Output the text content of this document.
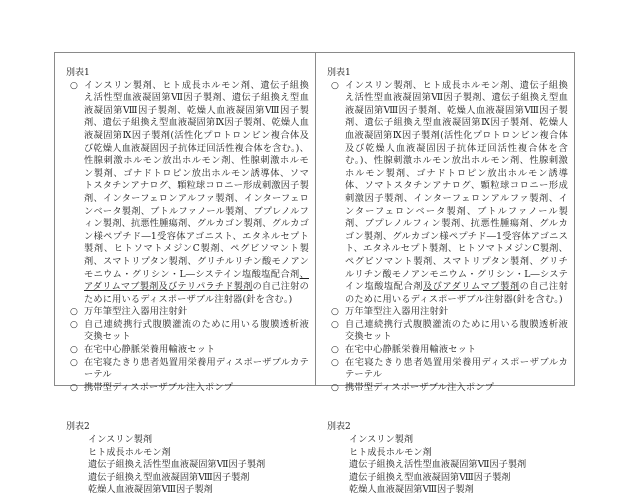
別表1
○ インスリン製剤、ヒト成長ホルモン剤、遺伝子組換え活性型血液凝固第Ⅶ因子製剤、遺伝子組換え型血液凝固第Ⅷ因子製剤、乾燥人血液凝固第Ⅷ因子製剤、遺伝子組換え型血液凝固第Ⅸ因子製剤、乾燥人血液凝固第Ⅸ因子製剤(活性化プロトロンビン複合体及び乾燥人血液凝固因子抗体迂回活性複合体を含む。)、性腺刺激ホルモン放出ホルモン剤、性腺刺激ホルモン製剤、ゴナドトロピン放出ホルモン誘導体、ソマトスタチンアナログ、顆粒球コロニー形成刺激因子製剤、インターフェロンアルファ製剤、インターフェロンベータ製剤、ブトルファノール製剤、ブプレノルフィン製剤、抗悪性腫瘍剤、グルカゴン製剤、グルカゴン様ペプチド―1受容体アゴニスト、エタネルセプト製剤、ヒトソマトメジンC製剤、ペグビソマント製剤、スマトリプタン製剤、グリチルリチン酸モノアンモニウム・グリシン・L―システイン塩酸塩配合剤、アダリムマブ製剤及びテリパラチド製剤の自己注射のために用いるディスポーザブル注射器(針を含む。)
○ 万年筆型注入器用注射針
○ 自己連続携行式腹膜灌流のために用いる腹膜透析液交換セット
○ 在宅中心静脈栄養用輸液セット
○ 在宅寝たきり患者処置用栄養用ディスポーザブルカテーテル
○ 携帯型ディスポーザブル注入ポンプ
別表2
インスリン製剤
ヒト成長ホルモン剤
遺伝子組換え活性型血液凝固第Ⅶ因子製剤
遺伝子組換え型血液凝固第Ⅷ因子製剤
乾燥人血液凝固第Ⅷ因子製剤
別表1
○ インスリン製剤、ヒト成長ホルモン剤、遺伝子組換え活性型血液凝固第Ⅶ因子製剤、遺伝子組換え型血液凝固第Ⅷ因子製剤、乾燥人血液凝固第Ⅷ因子製剤、遺伝子組換え型血液凝固第Ⅸ因子製剤、乾燥人血液凝固第Ⅸ因子製剤(活性化プロトロンビン複合体及び乾燥人血液凝固因子抗体迂回活性複合体を含む。)、性腺刺激ホルモン放出ホルモン剤、性腺刺激ホルモン製剤、ゴナドトロピン放出ホルモン誘導体、ソマトスタチンアナログ、顆粒球コロニー形成刺激因子製剤、インターフェロンアルファ製剤、インターフェロンベータ製剤、ブトルファノール製剤、ブプレノルフィン製剤、抗悪性腫瘍剤、グルカゴン製剤、グルカゴン様ペプチド―1受容体アゴニスト、エタネルセプト製剤、ヒトソマトメジンC製剤、ペグビソマント製剤、スマトリプタン製剤、グリチルリチン酸モノアンモニウム・グリシン・L―システイン塩酸塩配合剤及びアダリムマブ製剤の自己注射のために用いるディスポーザブル注射器(針を含む。)
○ 万年筆型注入器用注射針
○ 自己連続携行式腹膜灌流のために用いる腹膜透析液交換セット
○ 在宅中心静脈栄養用輸液セット
○ 在宅寝たきり患者処置用栄養用ディスポーザブルカテーテル
○ 携帯型ディスポーザブル注入ポンプ
別表2
インスリン製剤
ヒト成長ホルモン剤
遺伝子組換え活性型血液凝固第Ⅶ因子製剤
遺伝子組換え型血液凝固第Ⅷ因子製剤
乾燥人血液凝固第Ⅷ因子製剤
